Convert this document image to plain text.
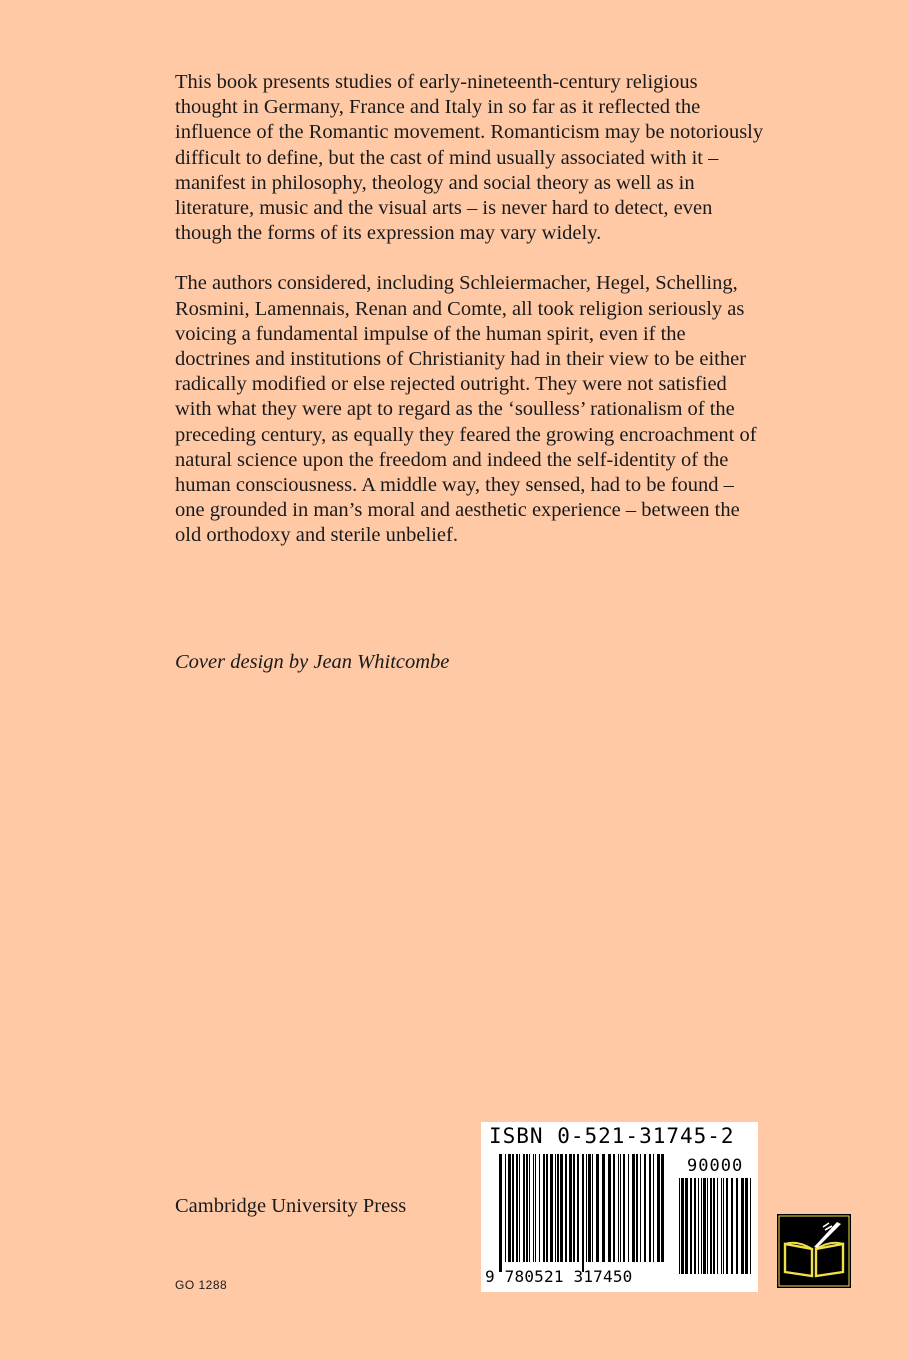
This book presents studies of early-nineteenth-century religious thought in Germany, France and Italy in so far as it reflected the influence of the Romantic movement. Romanticism may be notoriously difficult to define, but the cast of mind usually associated with it – manifest in philosophy, theology and social theory as well as in literature, music and the visual arts – is never hard to detect, even though the forms of its expression may vary widely.

The authors considered, including Schleiermacher, Hegel, Schelling, Rosmini, Lamennais, Renan and Comte, all took religion seriously as voicing a fundamental impulse of the human spirit, even if the doctrines and institutions of Christianity had in their view to be either radically modified or else rejected outright. They were not satisfied with what they were apt to regard as the ‘soulless’ rationalism of the preceding century, as equally they feared the growing encroachment of natural science upon the freedom and indeed the self-identity of the human consciousness. A middle way, they sensed, had to be found – one grounded in man’s moral and aesthetic experience – between the old orthodoxy and sterile unbelief.

Cover design by Jean Whitcombe
Cambridge University Press
GO 1288
ISBN 0-521-31745-2
90000
9 780521 317450
